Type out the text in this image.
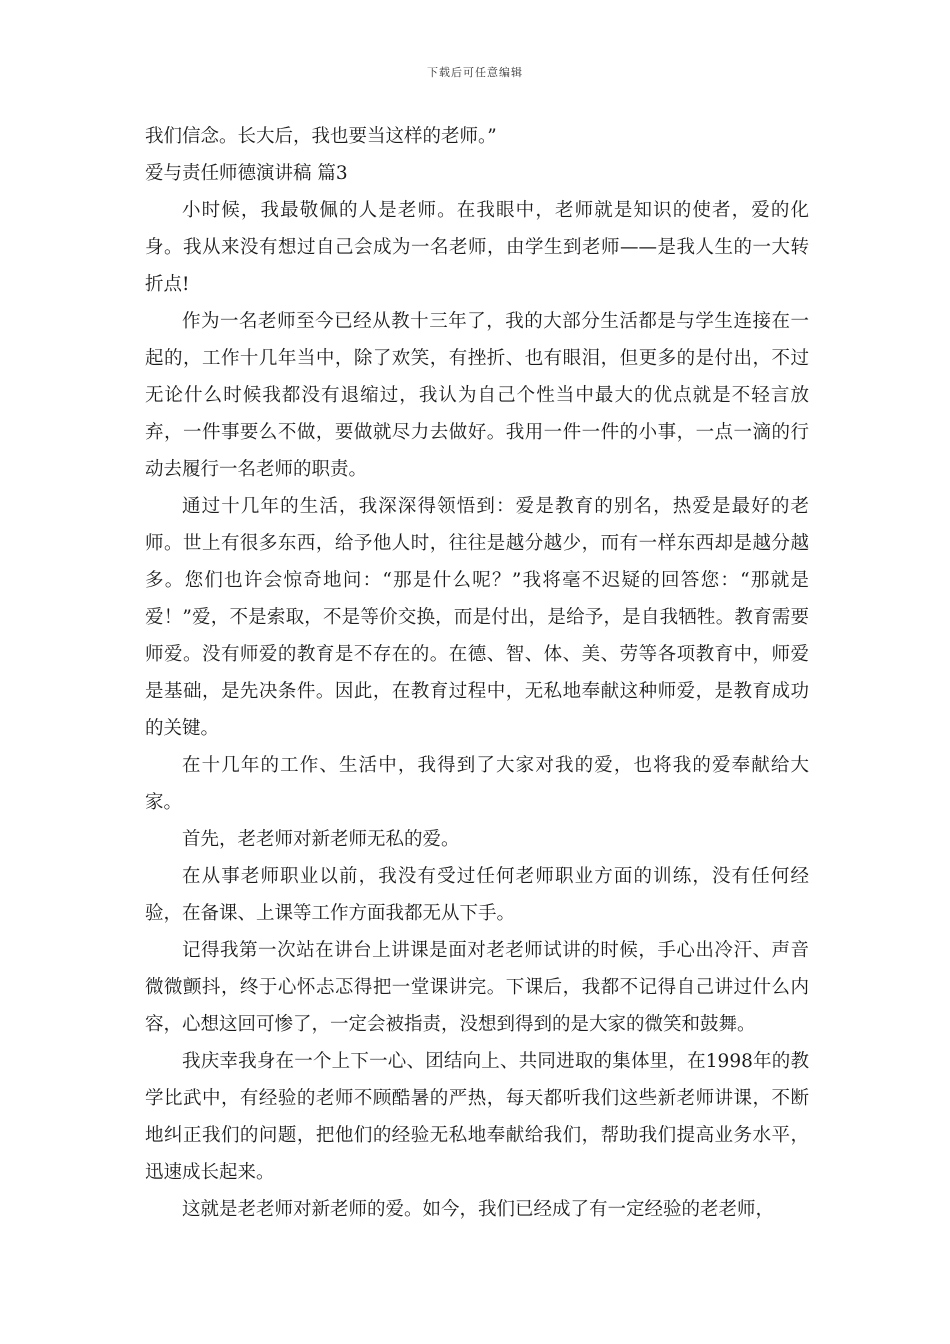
下载后可任意编辑

我们信念。长大后，我也要当这样的老师。”

爱与责任师德演讲稿 篇3

小时候，我最敬佩的人是老师。在我眼中，老师就是知识的使者，爱的化身。我从来没有想过自己会成为一名老师，由学生到老师——是我人生的一大转折点!

作为一名老师至今已经从教十三年了，我的大部分生活都是与学生连接在一起的，工作十几年当中，除了欢笑，有挫折、也有眼泪，但更多的是付出，不过无论什么时候我都没有退缩过，我认为自己个性当中最大的优点就是不轻言放弃，一件事要么不做，要做就尽力去做好。我用一件一件的小事，一点一滴的行动去履行一名老师的职责。

通过十几年的生活，我深深得领悟到：爱是教育的别名，热爱是最好的老师。世上有很多东西，给予他人时，往往是越分越少，而有一样东西却是越分越多。您们也许会惊奇地问：“那是什么呢？”我将毫不迟疑的回答您：“那就是爱！”爱，不是索取，不是等价交换，而是付出，是给予，是自我牺牲。教育需要师爱。没有师爱的教育是不存在的。在德、智、体、美、劳等各项教育中，师爱是基础，是先决条件。因此，在教育过程中，无私地奉献这种师爱，是教育成功的关键。

在十几年的工作、生活中，我得到了大家对我的爱，也将我的爱奉献给大家。

首先，老老师对新老师无私的爱。

在从事老师职业以前，我没有受过任何老师职业方面的训练，没有任何经验，在备课、上课等工作方面我都无从下手。

记得我第一次站在讲台上讲课是面对老老师试讲的时候，手心出冷汗、声音微微颤抖，终于心怀忐忑得把一堂课讲完。下课后，我都不记得自己讲过什么内容，心想这回可惨了，一定会被指责，没想到得到的是大家的微笑和鼓舞。

我庆幸我身在一个上下一心、团结向上、共同进取的集体里，在1998年的教学比武中，有经验的老师不顾酷暑的严热，每天都听我们这些新老师讲课，不断地纠正我们的问题，把他们的经验无私地奉献给我们，帮助我们提高业务水平，迅速成长起来。

这就是老老师对新老师的爱。如今，我们已经成了有一定经验的老老师，
